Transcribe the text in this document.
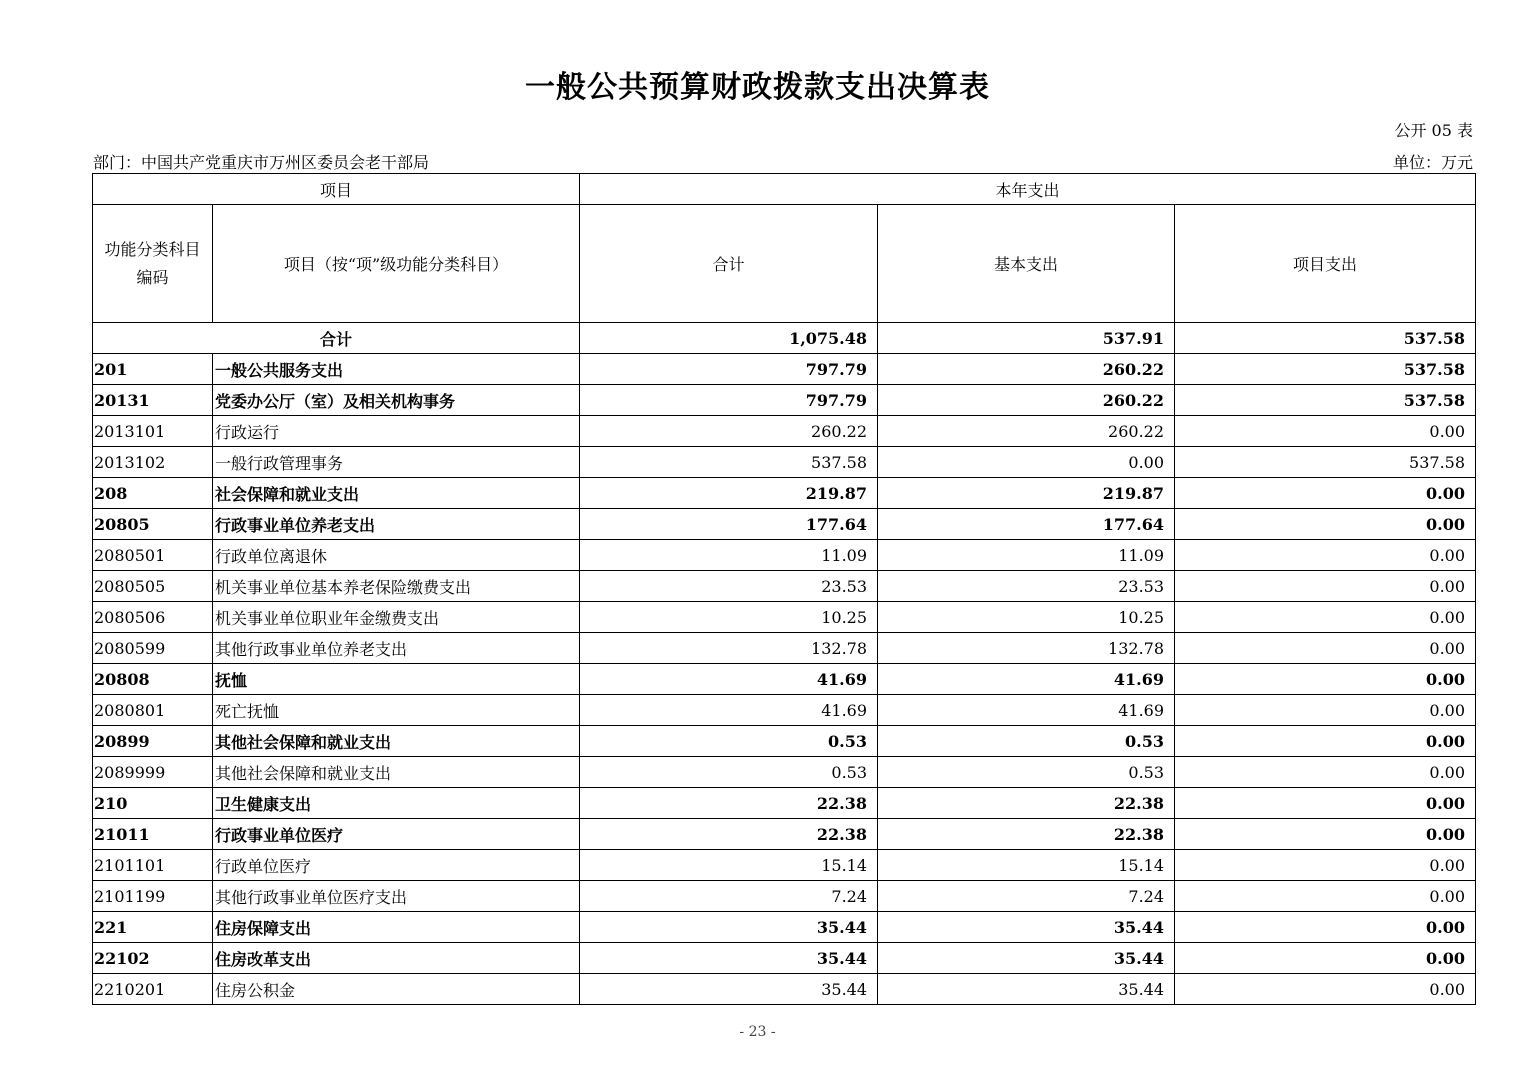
一般公共预算财政拨款支出决算表
公开 05 表
部门：中国共产党重庆市万州区委员会老干部局	单位：万元
项目		本年支出		
功能分类科目编码	项目（按“项”级功能分类科目）	合计	基本支出	项目支出
合计		1,075.48	537.91	537.58
201	一般公共服务支出	797.79	260.22	537.58
20131	党委办公厅（室）及相关机构事务	797.79	260.22	537.58
2013101	行政运行	260.22	260.22	0.00
2013102	一般行政管理事务	537.58	0.00	537.58
208	社会保障和就业支出	219.87	219.87	0.00
20805	行政事业单位养老支出	177.64	177.64	0.00
2080501	行政单位离退休	11.09	11.09	0.00
2080505	机关事业单位基本养老保险缴费支出	23.53	23.53	0.00
2080506	机关事业单位职业年金缴费支出	10.25	10.25	0.00
2080599	其他行政事业单位养老支出	132.78	132.78	0.00
20808	抚恤	41.69	41.69	0.00
2080801	死亡抚恤	41.69	41.69	0.00
20899	其他社会保障和就业支出	0.53	0.53	0.00
2089999	其他社会保障和就业支出	0.53	0.53	0.00
210	卫生健康支出	22.38	22.38	0.00
21011	行政事业单位医疗	22.38	22.38	0.00
2101101	行政单位医疗	15.14	15.14	0.00
2101199	其他行政事业单位医疗支出	7.24	7.24	0.00
221	住房保障支出	35.44	35.44	0.00
22102	住房改革支出	35.44	35.44	0.00
2210201	住房公积金	35.44	35.44	0.00
- 23 -
